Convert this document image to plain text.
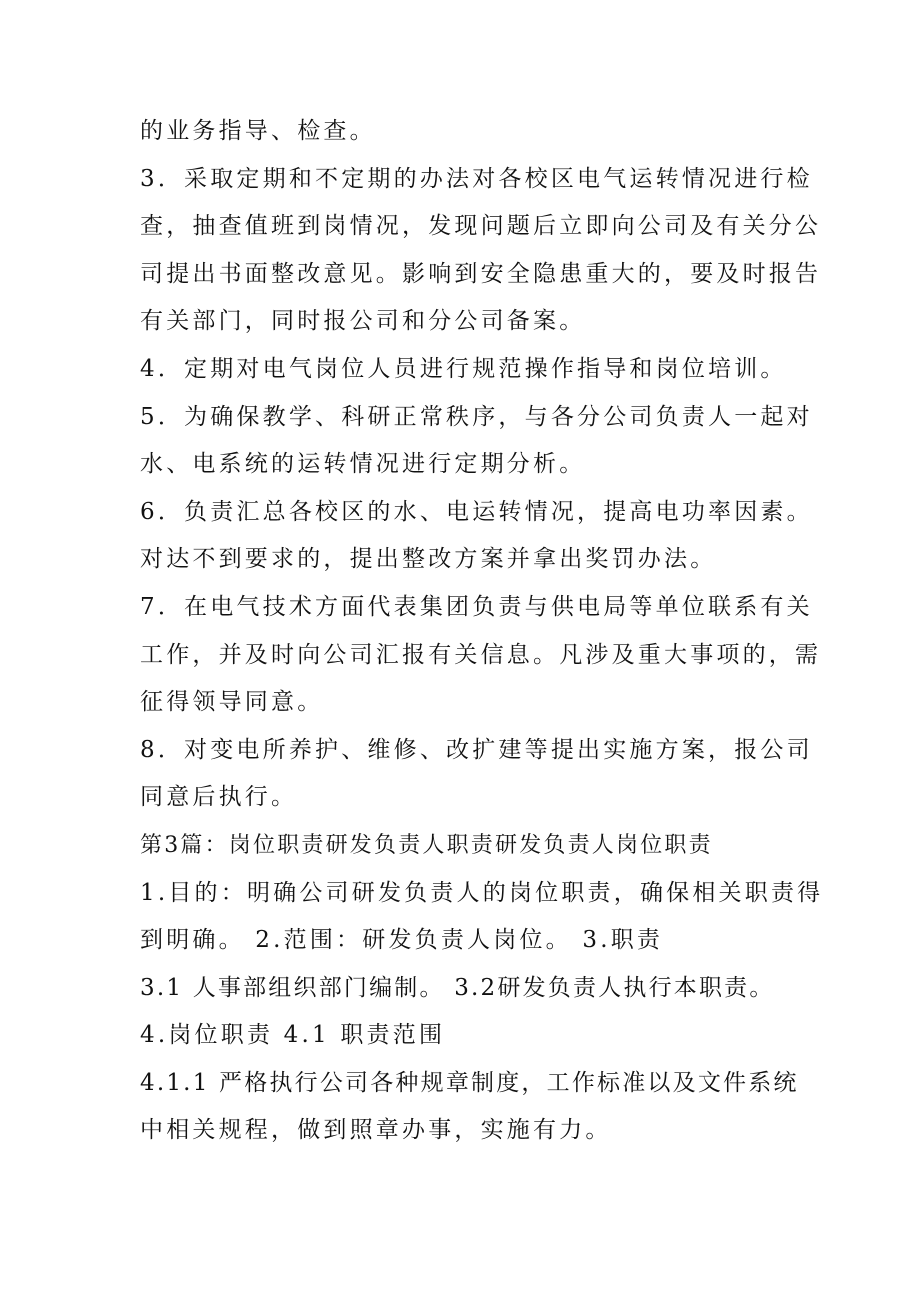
的业务指导、检查。
3．采取定期和不定期的办法对各校区电气运转情况进行检
查，抽查值班到岗情况，发现问题后立即向公司及有关分公
司提出书面整改意见。影响到安全隐患重大的，要及时报告
有关部门，同时报公司和分公司备案。
4．定期对电气岗位人员进行规范操作指导和岗位培训。
5．为确保教学、科研正常秩序，与各分公司负责人一起对
水、电系统的运转情况进行定期分析。
6．负责汇总各校区的水、电运转情况，提高电功率因素。
对达不到要求的，提出整改方案并拿出奖罚办法。
7．在电气技术方面代表集团负责与供电局等单位联系有关
工作，并及时向公司汇报有关信息。凡涉及重大事项的，需
征得领导同意。
8．对变电所养护、维修、改扩建等提出实施方案，报公司
同意后执行。
第3篇：岗位职责研发负责人职责研发负责人岗位职责
1.目的：明确公司研发负责人的岗位职责，确保相关职责得
到明确。 2.范围：研发负责人岗位。 3.职责
3.1 人事部组织部门编制。 3.2研发负责人执行本职责。
4.岗位职责 4.1 职责范围
4.1.1 严格执行公司各种规章制度，工作标准以及文件系统
中相关规程，做到照章办事，实施有力。
